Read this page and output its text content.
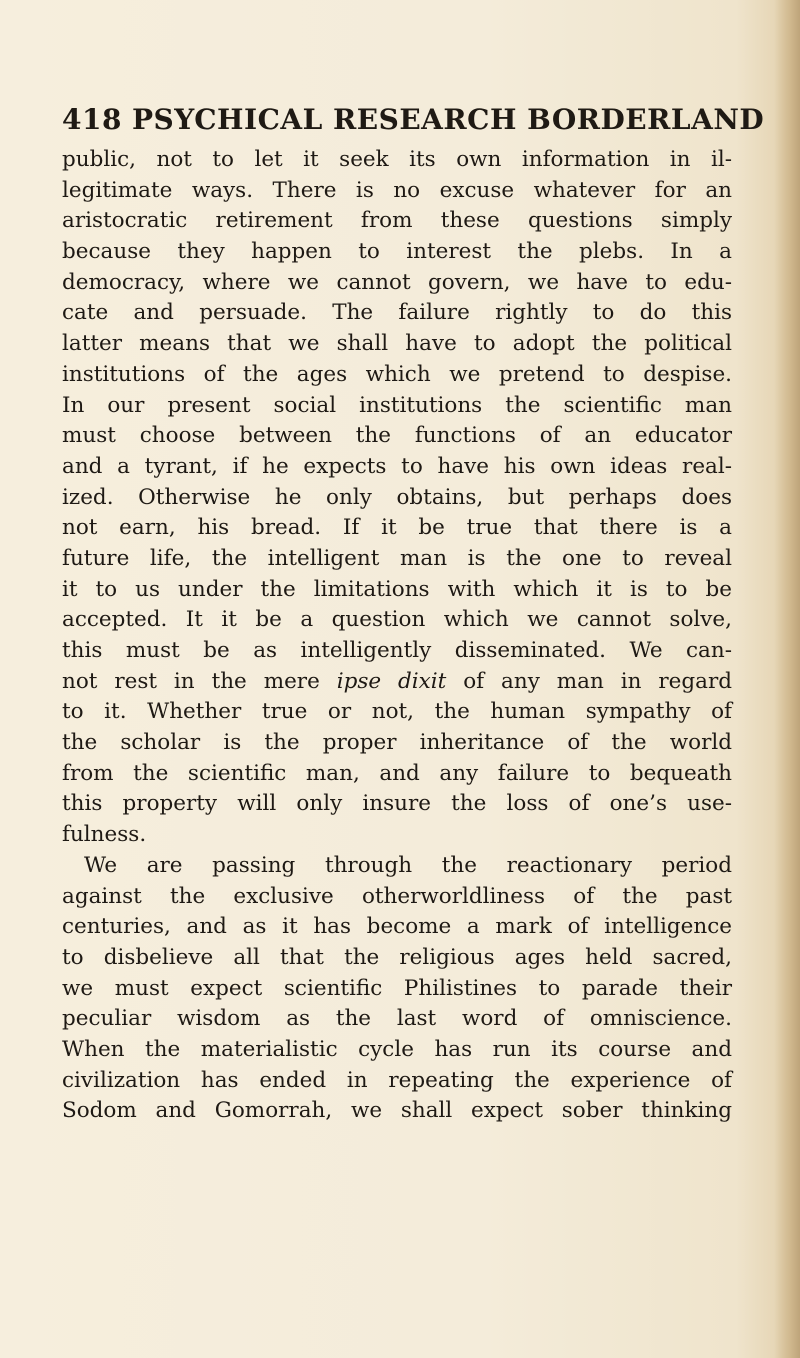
418 PSYCHICAL RESEARCH BORDERLAND
public, not to let it seek its own information in il-
legitimate ways. There is no excuse whatever for an
aristocratic retirement from these questions simply
because they happen to interest the plebs. In a
democracy, where we cannot govern, we have to edu-
cate and persuade. The failure rightly to do this
latter means that we shall have to adopt the political
institutions of the ages which we pretend to despise.
In our present social institutions the scientific man
must choose between the functions of an educator
and a tyrant, if he expects to have his own ideas real-
ized. Otherwise he only obtains, but perhaps does
not earn, his bread. If it be true that there is a
future life, the intelligent man is the one to reveal
it to us under the limitations with which it is to be
accepted. It it be a question which we cannot solve,
this must be as intelligently disseminated. We can-
not rest in the mere ipse dixit of any man in regard
to it. Whether true or not, the human sympathy of
the scholar is the proper inheritance of the world
from the scientific man, and any failure to bequeath
this property will only insure the loss of one’s use-
fulness.
We are passing through the reactionary period
against the exclusive otherworldliness of the past
centuries, and as it has become a mark of intelligence
to disbelieve all that the religious ages held sacred,
we must expect scientific Philistines to parade their
peculiar wisdom as the last word of omniscience.
When the materialistic cycle has run its course and
civilization has ended in repeating the experience of
Sodom and Gomorrah, we shall expect sober thinking
